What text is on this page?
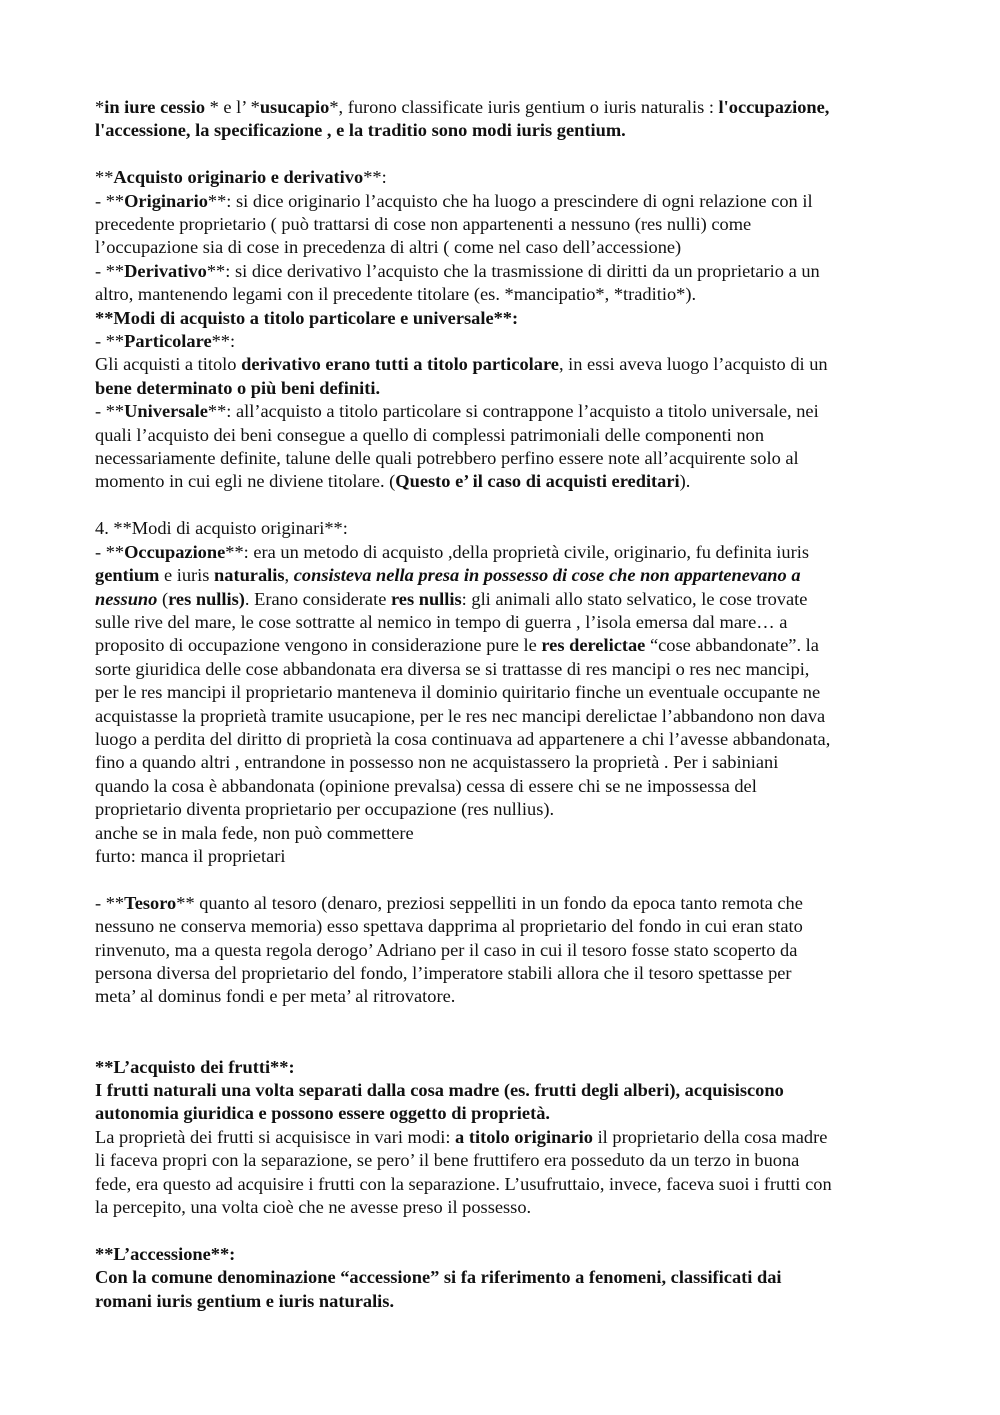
*in iure cessio * e l’ *usucapio*, furono classificate iuris gentium o iuris naturalis : l'occupazione,
l'accessione, la specificazione , e la traditio sono modi iuris gentium.
**Acquisto originario e derivativo**:
- **Originario**: si dice originario l’acquisto che ha luogo a prescindere di ogni relazione con il
precedente proprietario ( può trattarsi di cose non appartenenti a nessuno (res nulli) come
l’occupazione sia di cose in precedenza di altri ( come nel caso dell’accessione)
- **Derivativo**: si dice derivativo l’acquisto che la trasmissione di diritti da un proprietario a un
altro, mantenendo legami con il precedente titolare (es. *mancipatio*, *traditio*).
**Modi di acquisto a titolo particolare e universale**:
- **Particolare**:
Gli acquisti a titolo derivativo erano tutti a titolo particolare, in essi aveva luogo l’acquisto di un
bene determinato o più beni definiti.
- **Universale**: all’acquisto a titolo particolare si contrappone l’acquisto a titolo universale, nei
quali l’acquisto dei beni consegue a quello di complessi patrimoniali delle componenti non
necessariamente definite, talune delle quali potrebbero perfino essere note all’acquirente solo al
momento in cui egli ne diviene titolare. (Questo e’ il caso di acquisti ereditari).
4. **Modi di acquisto originari**:
- **Occupazione**: era un metodo di acquisto ,della proprietà civile, originario, fu definita iuris
gentium e iuris naturalis, consisteva nella presa in possesso di cose che non appartenevano a
nessuno (res nullis). Erano considerate res nullis: gli animali allo stato selvatico, le cose trovate
sulle rive del mare, le cose sottratte al nemico in tempo di guerra , l’isola emersa dal mare… a
proposito di occupazione vengono in considerazione pure le res derelictae “cose abbandonate”. la
sorte giuridica delle cose abbandonata era diversa se si trattasse di res mancipi o res nec mancipi,
per le res mancipi il proprietario manteneva il dominio quiritario finche un eventuale occupante ne
acquistasse la proprietà tramite usucapione, per le res nec mancipi derelictae l’abbandono non dava
luogo a perdita del diritto di proprietà la cosa continuava ad appartenere a chi l’avesse abbandonata,
fino a quando altri , entrandone in possesso non ne acquistassero la proprietà . Per i sabiniani
quando la cosa è abbandonata (opinione prevalsa) cessa di essere chi se ne impossessa del
proprietario diventa proprietario per occupazione (res nullius).
anche se in mala fede, non può commettere
furto: manca il proprietari
- **Tesoro** quanto al tesoro (denaro, preziosi seppelliti in un fondo da epoca tanto remota che
nessuno ne conserva memoria) esso spettava dapprima al proprietario del fondo in cui eran stato
rinvenuto, ma a questa regola derogo’ Adriano per il caso in cui il tesoro fosse stato scoperto da
persona diversa del proprietario del fondo, l’imperatore stabili allora che il tesoro spettasse per
meta’ al dominus fondi e per meta’ al ritrovatore.
**L’acquisto dei frutti**:
I frutti naturali una volta separati dalla cosa madre (es. frutti degli alberi), acquisiscono
autonomia giuridica e possono essere oggetto di proprietà.
La proprietà dei frutti si acquisisce in vari modi: a titolo originario il proprietario della cosa madre
li faceva propri con la separazione, se pero’ il bene fruttifero era posseduto da un terzo in buona
fede, era questo ad acquisire i frutti con la separazione. L’usufruttaio, invece, faceva suoi i frutti con
la percepito, una volta cioè che ne avesse preso il possesso.
**L’accessione**:
Con la comune denominazione “accessione” si fa riferimento a fenomeni, classificati dai
romani iuris gentium e iuris naturalis.
